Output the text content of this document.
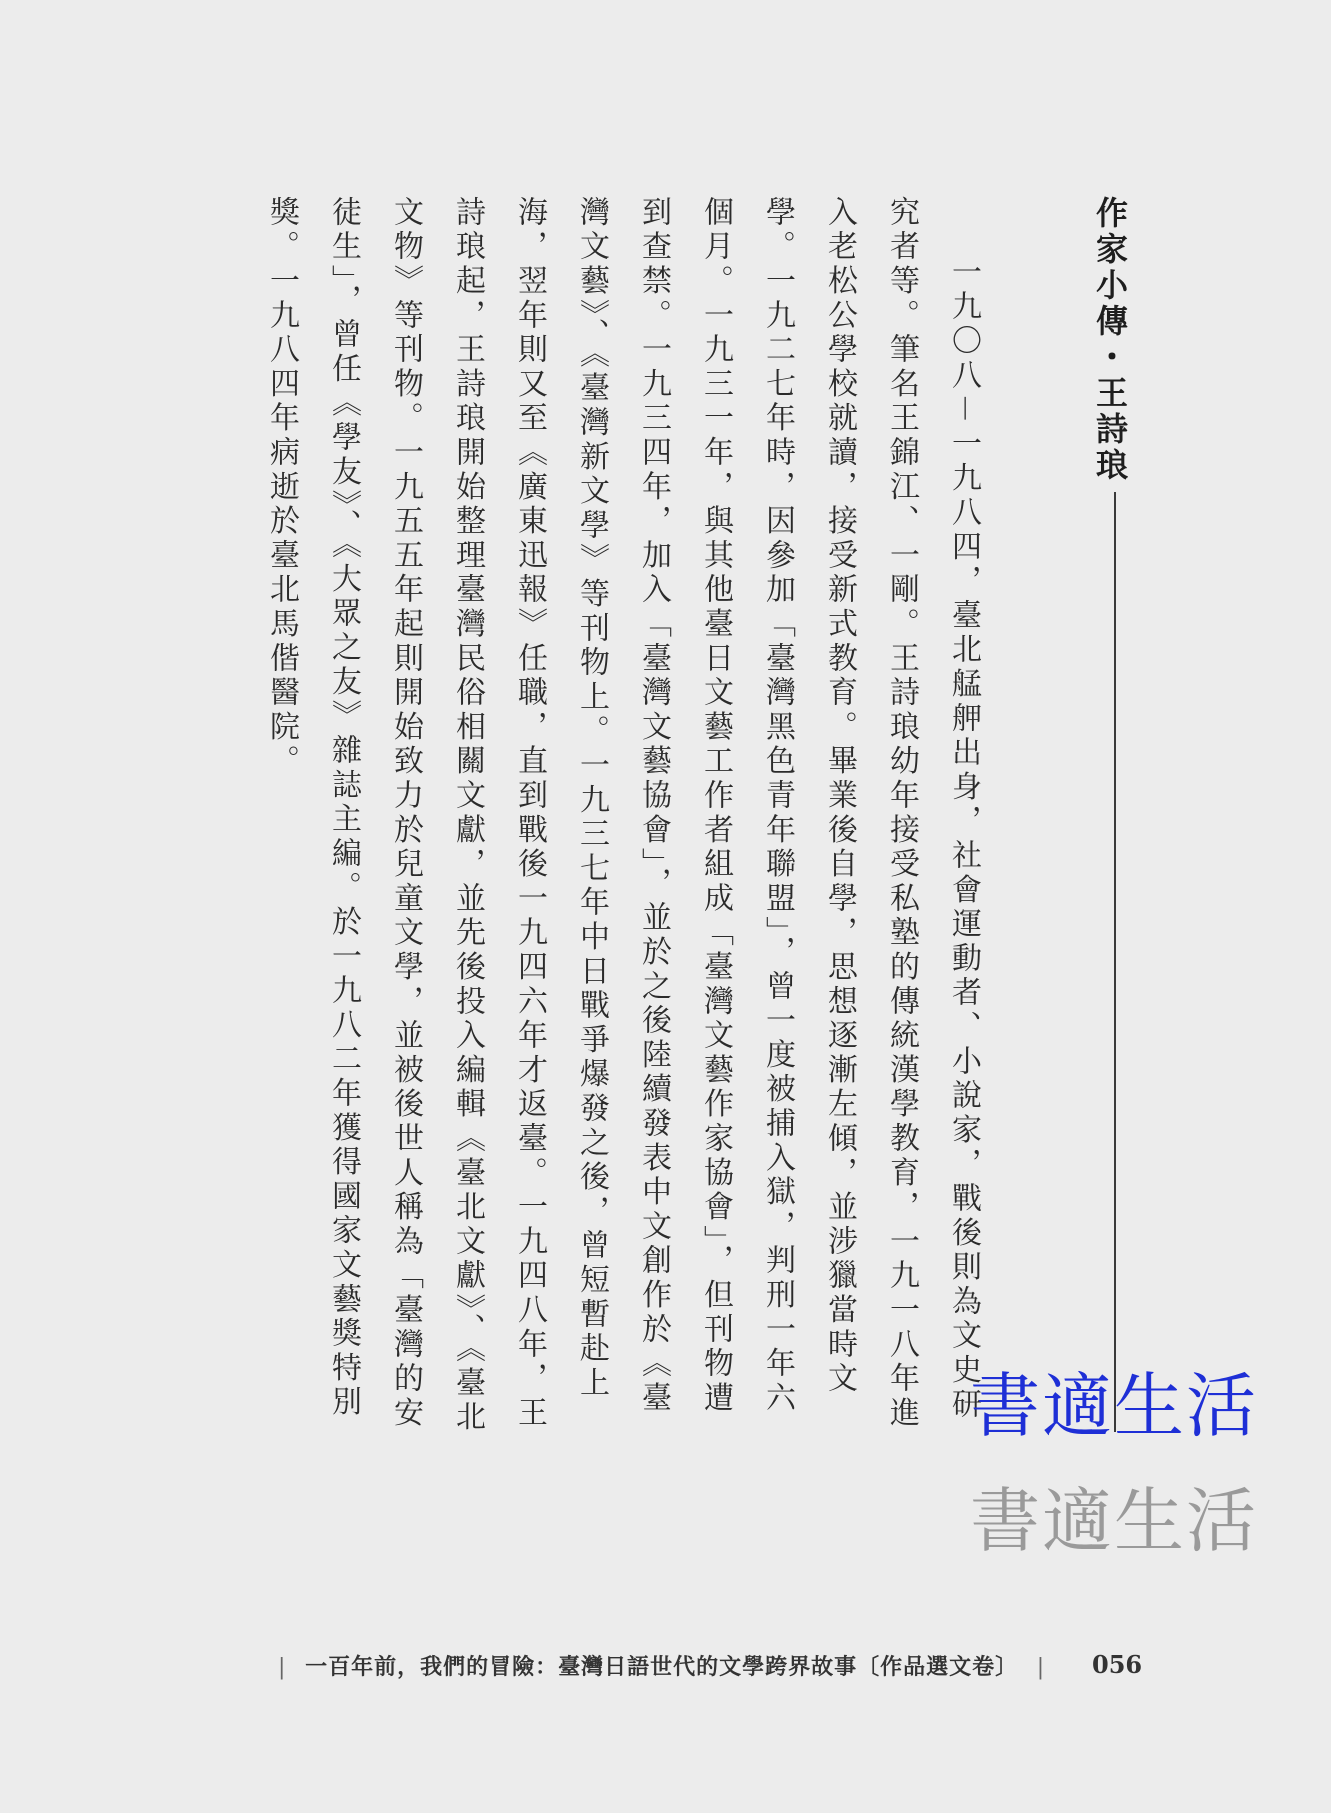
作家小傳・王詩琅

一九〇八－一九八四，臺北艋舺出身，社會運動者、小說家，戰後則為文史研究者等。筆名王錦江、一剛。王詩琅幼年接受私塾的傳統漢學教育，一九一八年進入老松公學校就讀，接受新式教育。畢業後自學，思想逐漸左傾，並涉獵當時文學。一九二七年時，因參加「臺灣黑色青年聯盟」，曾一度被捕入獄，判刑一年六個月。一九三一年，與其他臺日文藝工作者組成「臺灣文藝作家協會」，但刊物遭到查禁。一九三四年，加入「臺灣文藝協會」，並於之後陸續發表中文創作於《臺灣文藝》、《臺灣新文學》等刊物上。一九三七年中日戰爭爆發之後，曾短暫赴上海，翌年則又至《廣東迅報》任職，直到戰後一九四六年才返臺。一九四八年，王詩琅起，王詩琅開始整理臺灣民俗相關文獻，並先後投入編輯《臺北文獻》、《臺北文物》等刊物。一九五五年起則開始致力於兒童文學，並被後世人稱為「臺灣的安徒生」，曾任《學友》、《大眾之友》雜誌主編。於一九八二年獲得國家文藝獎特別獎。一九八四年病逝於臺北馬偕醫院。

書適生活
書適生活
| 一百年前，我們的冒險：臺灣日語世代的文學跨界故事〔作品選文卷〕 |	056
